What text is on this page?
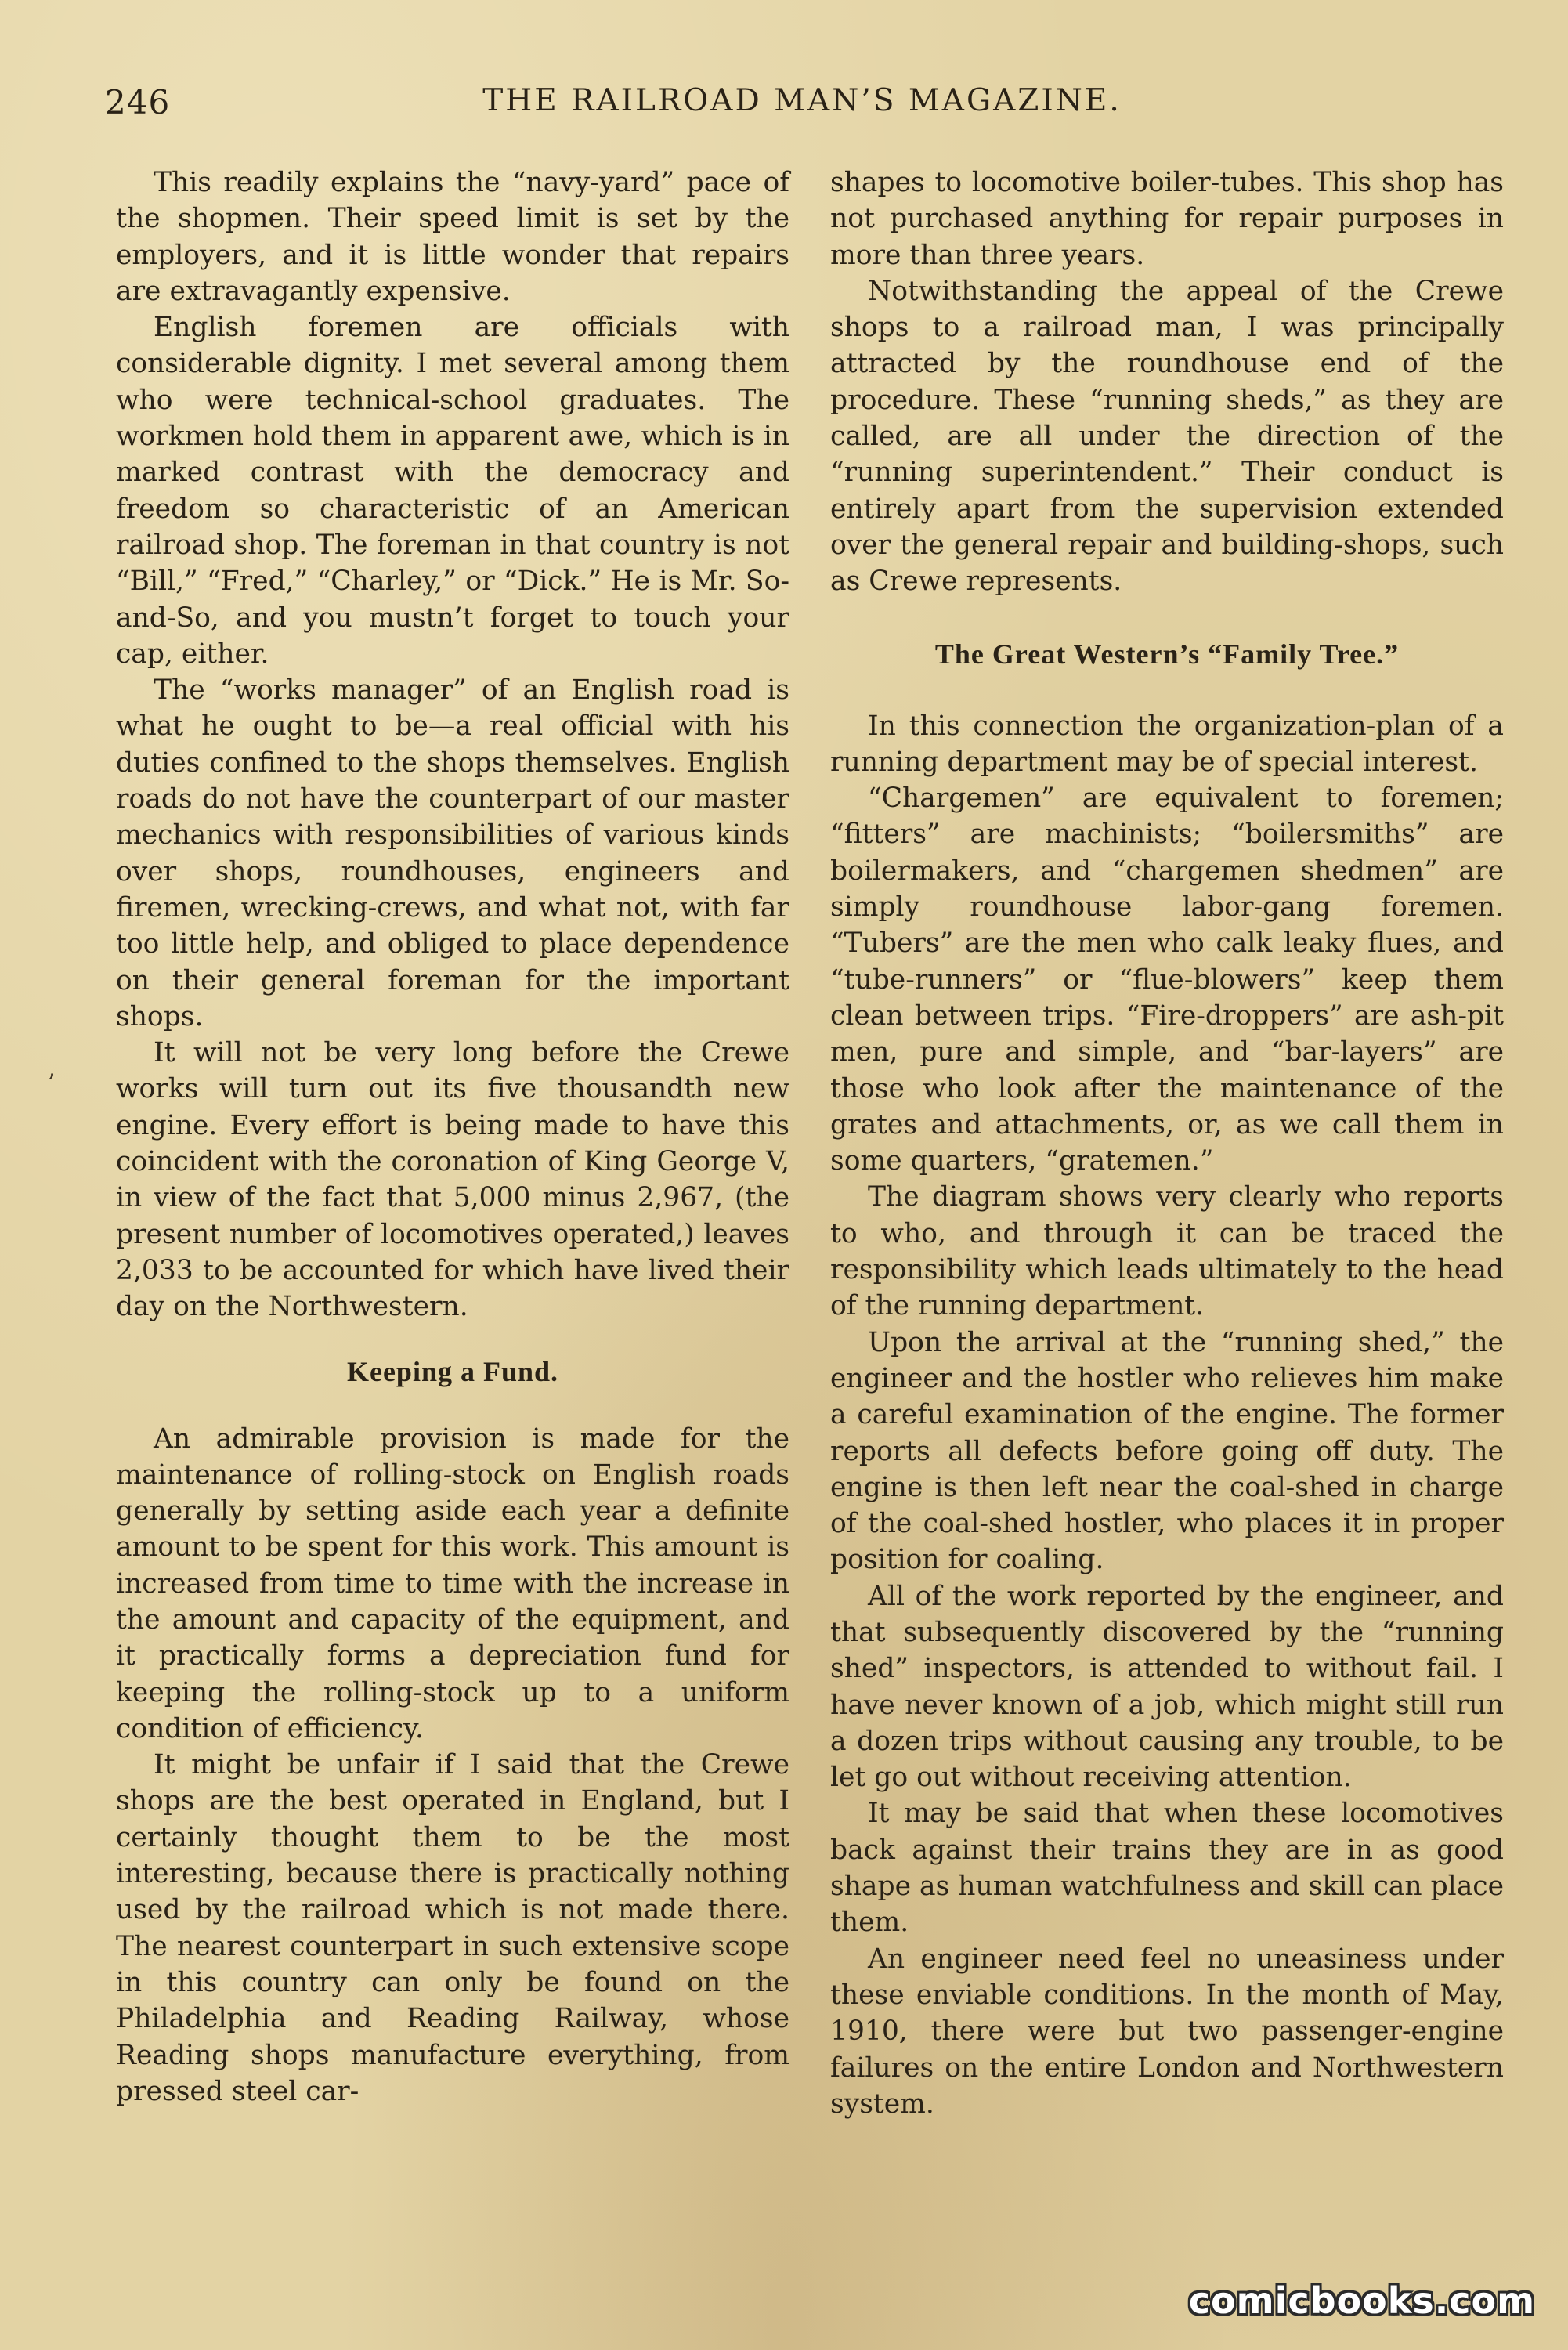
246	THE RAILROAD MAN’S MAGAZINE.

This readily explains the “navy-yard” pace of the shopmen. Their speed limit is set by the employers, and it is little wonder that repairs are extravagantly expensive.

English foremen are officials with considerable dignity. I met several among them who were technical-school graduates. The workmen hold them in apparent awe, which is in marked contrast with the democracy and freedom so characteristic of an American railroad shop. The foreman in that country is not “Bill,” “Fred,” “Charley,” or “Dick.” He is Mr. So-and-So, and you mustn’t forget to touch your cap, either.

The “works manager” of an English road is what he ought to be—a real official with his duties confined to the shops themselves. English roads do not have the counterpart of our master mechanics with responsibilities of various kinds over shops, roundhouses, engineers and firemen, wrecking-crews, and what not, with far too little help, and obliged to place dependence on their general foreman for the important shops.

It will not be very long before the Crewe works will turn out its five thousandth new engine. Every effort is being made to have this coincident with the coronation of King George V, in view of the fact that 5,000 minus 2,967, (the present number of locomotives operated,) leaves 2,033 to be accounted for which have lived their day on the Northwestern.

Keeping a Fund.

An admirable provision is made for the maintenance of rolling-stock on English roads generally by setting aside each year a definite amount to be spent for this work. This amount is increased from time to time with the increase in the amount and capacity of the equipment, and it practically forms a depreciation fund for keeping the rolling-stock up to a uniform condition of efficiency.

It might be unfair if I said that the Crewe shops are the best operated in England, but I certainly thought them to be the most interesting, because there is practically nothing used by the railroad which is not made there. The nearest counterpart in such extensive scope in this country can only be found on the Philadelphia and Reading Railway, whose Reading shops manufacture everything, from pressed steel car-

shapes to locomotive boiler-tubes. This shop has not purchased anything for repair purposes in more than three years.

Notwithstanding the appeal of the Crewe shops to a railroad man, I was principally attracted by the roundhouse end of the procedure. These “running sheds,” as they are called, are all under the direction of the “running superintendent.” Their conduct is entirely apart from the supervision extended over the general repair and building-shops, such as Crewe represents.

The Great Western’s “Family Tree.”

In this connection the organization-plan of a running department may be of special interest.

“Chargemen” are equivalent to foremen; “fitters” are machinists; “boilersmiths” are boilermakers, and “chargemen shedmen” are simply roundhouse labor-gang foremen. “Tubers” are the men who calk leaky flues, and “tube-runners” or “flue-blowers” keep them clean between trips. “Fire-droppers” are ash-pit men, pure and simple, and “bar-layers” are those who look after the maintenance of the grates and attachments, or, as we call them in some quarters, “gratemen.”

The diagram shows very clearly who reports to who, and through it can be traced the responsibility which leads ultimately to the head of the running department.

Upon the arrival at the “running shed,” the engineer and the hostler who relieves him make a careful examination of the engine. The former reports all defects before going off duty. The engine is then left near the coal-shed in charge of the coal-shed hostler, who places it in proper position for coaling.

All of the work reported by the engineer, and that subsequently discovered by the “running shed” inspectors, is attended to without fail. I have never known of a job, which might still run a dozen trips without causing any trouble, to be let go out without receiving attention.

It may be said that when these locomotives back against their trains they are in as good shape as human watchfulness and skill can place them.

An engineer need feel no uneasiness under these enviable conditions. In the month of May, 1910, there were but two passenger-engine failures on the entire London and Northwestern system.

ʼ
comicbooks.com
